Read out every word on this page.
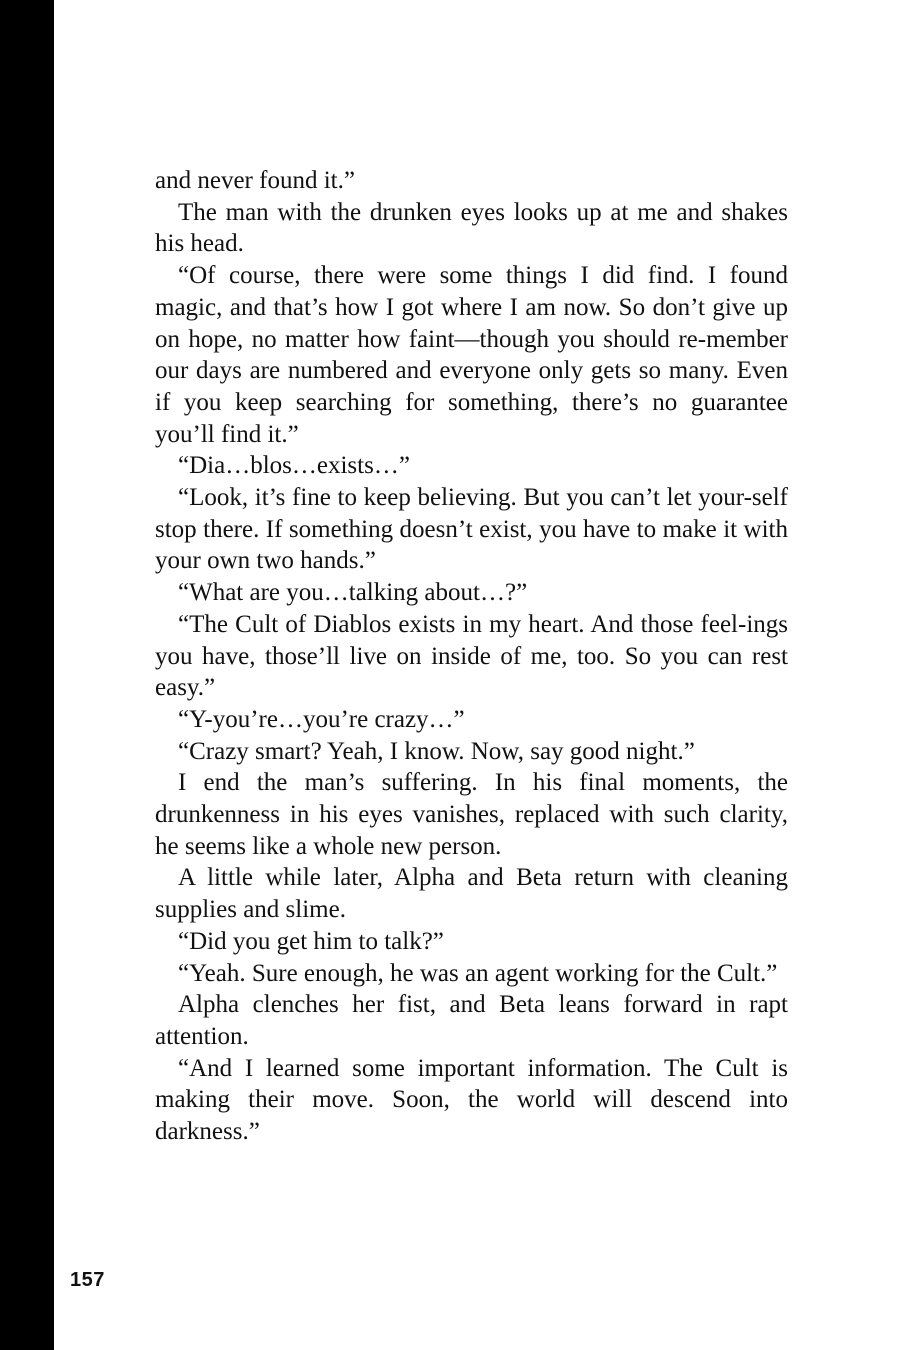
and never found it.”

The man with the drunken eyes looks up at me and shakes his head.

“Of course, there were some things I did find. I found magic, and that’s how I got where I am now. So don’t give up on hope, no matter how faint—though you should re-member our days are numbered and everyone only gets so many. Even if you keep searching for something, there’s no guarantee you’ll find it.”

“Dia…blos…exists…”

“Look, it’s fine to keep believing. But you can’t let your-self stop there. If something doesn’t exist, you have to make it with your own two hands.”

“What are you…talking about…?”

“The Cult of Diablos exists in my heart. And those feel-ings you have, those’ll live on inside of me, too. So you can rest easy.”

“Y-you’re…you’re crazy…”

“Crazy smart? Yeah, I know. Now, say good night.”

I end the man’s suffering. In his final moments, the drunkenness in his eyes vanishes, replaced with such clarity, he seems like a whole new person.

A little while later, Alpha and Beta return with cleaning supplies and slime.

“Did you get him to talk?”

“Yeah. Sure enough, he was an agent working for the Cult.”

Alpha clenches her fist, and Beta leans forward in rapt attention.

“And I learned some important information. The Cult is making their move. Soon, the world will descend into darkness.”

157
